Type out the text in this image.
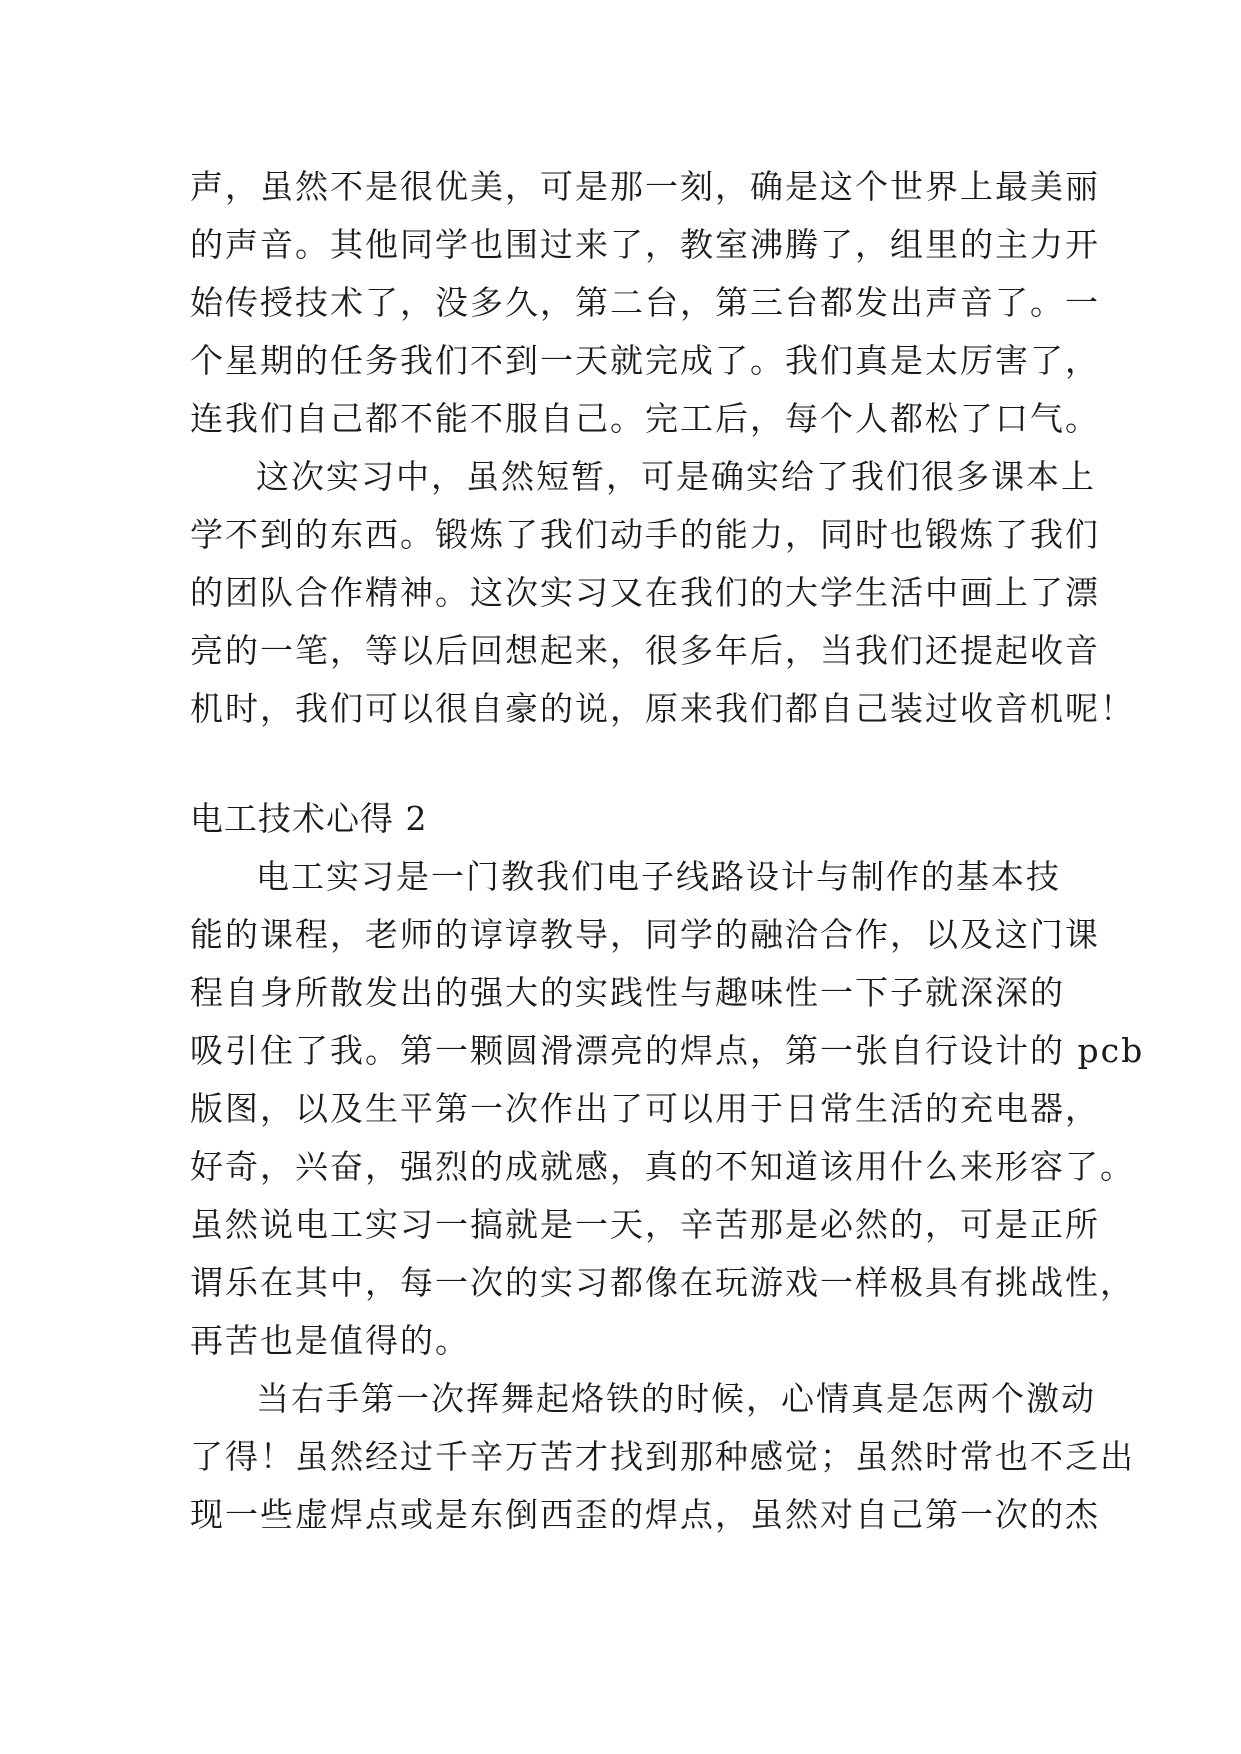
声，虽然不是很优美，可是那一刻，确是这个世界上最美丽
的声音。其他同学也围过来了，教室沸腾了，组里的主力开
始传授技术了，没多久，第二台，第三台都发出声音了。一
个星期的任务我们不到一天就完成了。我们真是太厉害了，
连我们自己都不能不服自己。完工后，每个人都松了口气。
这次实习中，虽然短暂，可是确实给了我们很多课本上
学不到的东西。锻炼了我们动手的能力，同时也锻炼了我们
的团队合作精神。这次实习又在我们的大学生活中画上了漂
亮的一笔，等以后回想起来，很多年后，当我们还提起收音
机时，我们可以很自豪的说，原来我们都自己装过收音机呢！
电工技术心得 2
电工实习是一门教我们电子线路设计与制作的基本技
能的课程，老师的谆谆教导，同学的融洽合作，以及这门课
程自身所散发出的强大的实践性与趣味性一下子就深深的
吸引住了我。第一颗圆滑漂亮的焊点，第一张自行设计的 pcb
版图，以及生平第一次作出了可以用于日常生活的充电器，
好奇，兴奋，强烈的成就感，真的不知道该用什么来形容了。
虽然说电工实习一搞就是一天，辛苦那是必然的，可是正所
谓乐在其中，每一次的实习都像在玩游戏一样极具有挑战性，
再苦也是值得的。
当右手第一次挥舞起烙铁的时候，心情真是怎两个激动
了得！虽然经过千辛万苦才找到那种感觉；虽然时常也不乏出
现一些虚焊点或是东倒西歪的焊点，虽然对自己第一次的杰
